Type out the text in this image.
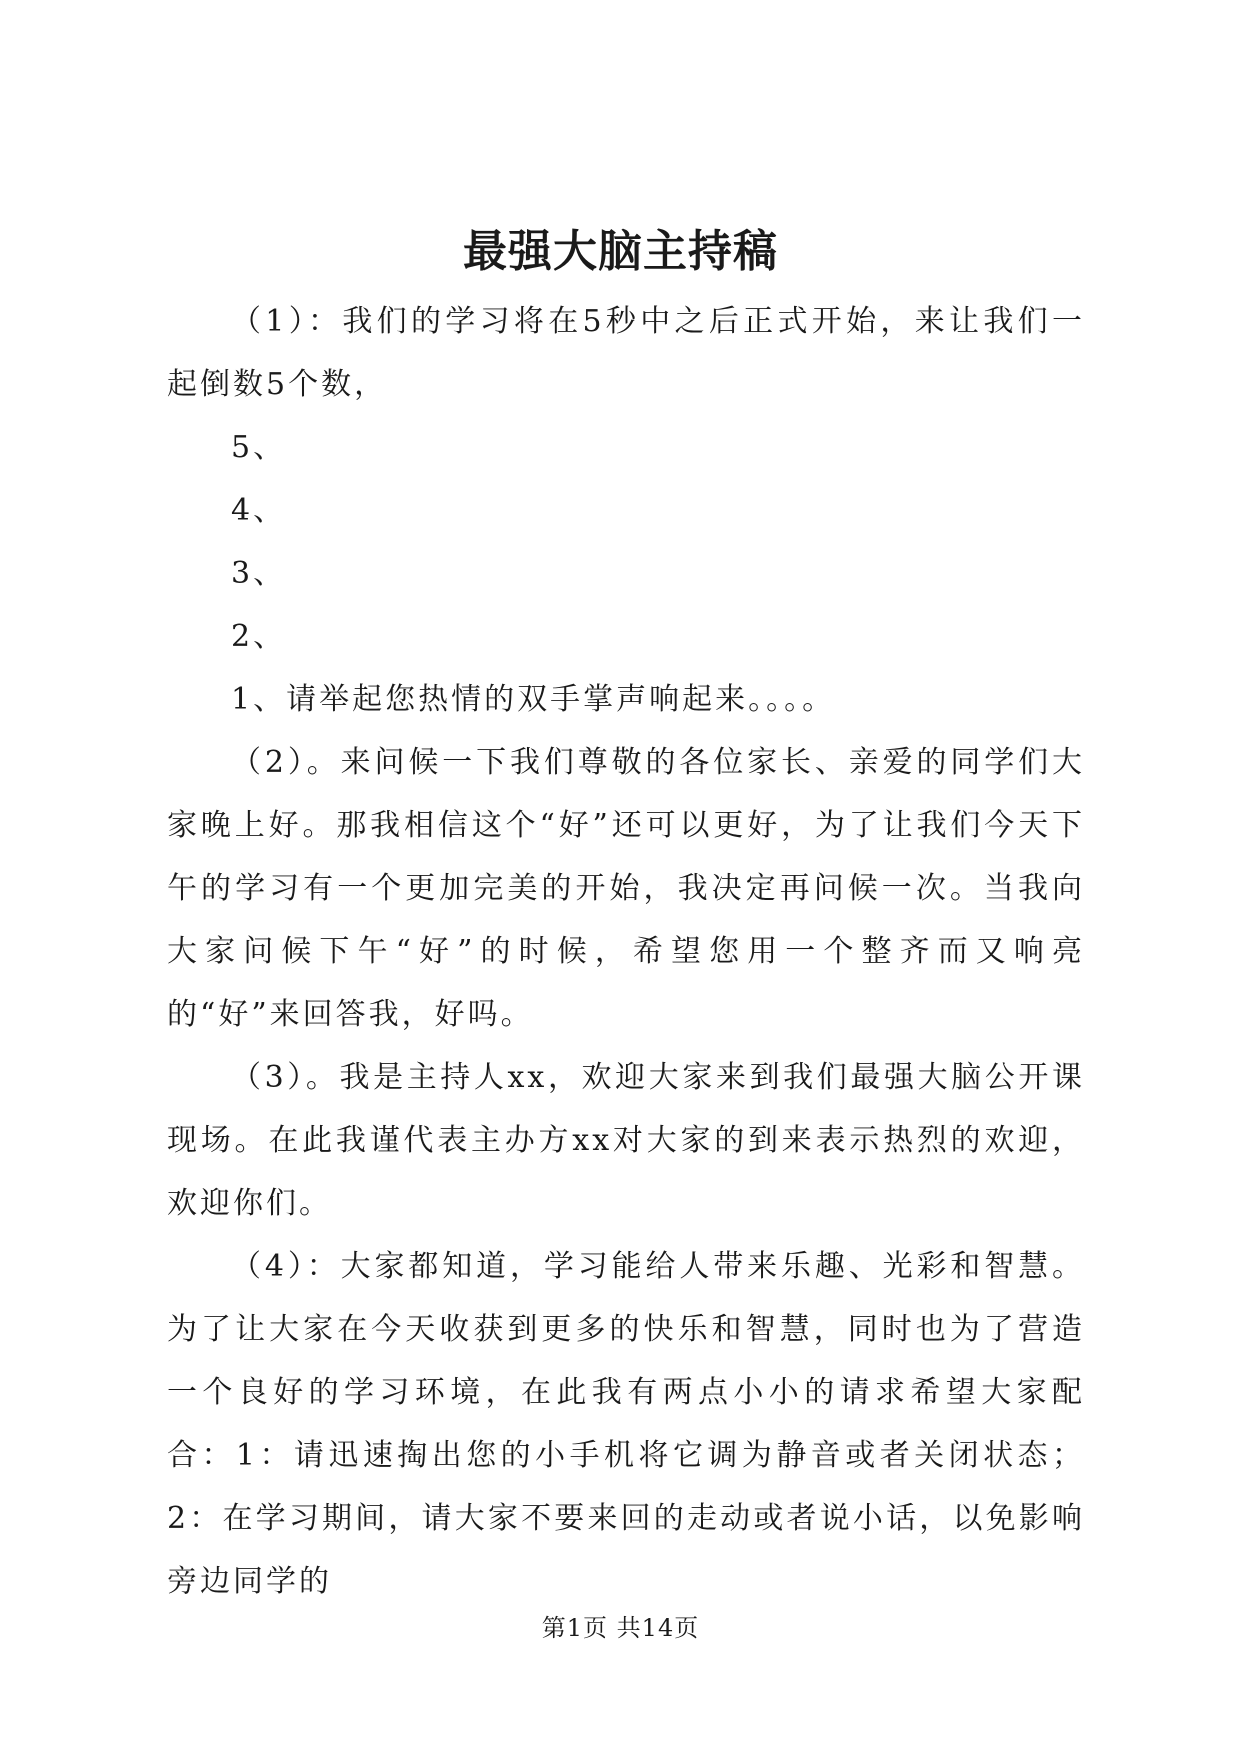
最强大脑主持稿

（1）：我们的学习将在5秒中之后正式开始，来让我们一起倒数5个数，

5、

4、

3、

2、

1、请举起您热情的双手掌声响起来。。。。

（2）。来问候一下我们尊敬的各位家长、亲爱的同学们大家晚上好。那我相信这个“好”还可以更好，为了让我们今天下午的学习有一个更加完美的开始，我决定再问候一次。当我向大家问候下午“好”的时候，希望您用一个整齐而又响亮的“好”来回答我，好吗。

（3）。我是主持人xx，欢迎大家来到我们最强大脑公开课现场。在此我谨代表主办方xx对大家的到来表示热烈的欢迎，欢迎你们。

（4）：大家都知道，学习能给人带来乐趣、光彩和智慧。为了让大家在今天收获到更多的快乐和智慧，同时也为了营造一个良好的学习环境，在此我有两点小小的请求希望大家配合：1：请迅速掏出您的小手机将它调为静音或者关闭状态；2：在学习期间，请大家不要来回的走动或者说小话，以免影响旁边同学的

第1页 共14页
